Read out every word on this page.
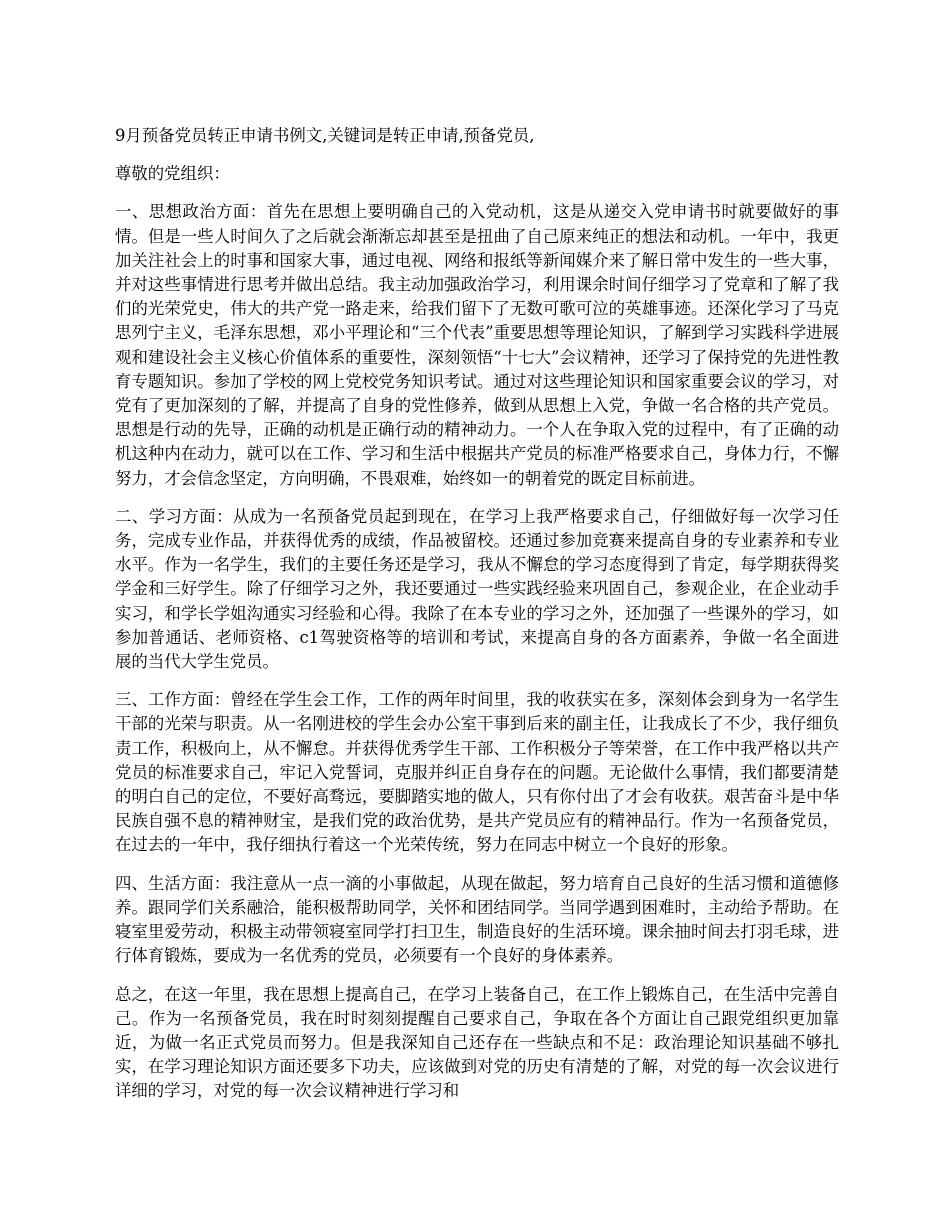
9月预备党员转正申请书例文,关键词是转正申请,预备党员,

尊敬的党组织：

一、思想政治方面：首先在思想上要明确自己的入党动机，这是从递交入党申请书时就要做好的事情。但是一些人时间久了之后就会渐渐忘却甚至是扭曲了自己原来纯正的想法和动机。一年中，我更加关注社会上的时事和国家大事，通过电视、网络和报纸等新闻媒介来了解日常中发生的一些大事，并对这些事情进行思考并做出总结。我主动加强政治学习，利用课余时间仔细学习了党章和了解了我们的光荣党史，伟大的共产党一路走来，给我们留下了无数可歌可泣的英雄事迹。还深化学习了马克思列宁主义，毛泽东思想，邓小平理论和“三个代表”重要思想等理论知识，了解到学习实践科学进展观和建设社会主义核心价值体系的重要性，深刻领悟“十七大”会议精神，还学习了保持党的先进性教育专题知识。参加了学校的网上党校党务知识考试。通过对这些理论知识和国家重要会议的学习，对党有了更加深刻的了解，并提高了自身的党性修养，做到从思想上入党，争做一名合格的共产党员。思想是行动的先导，正确的动机是正确行动的精神动力。一个人在争取入党的过程中，有了正确的动机这种内在动力，就可以在工作、学习和生活中根据共产党员的标准严格要求自己，身体力行，不懈努力，才会信念坚定，方向明确，不畏艰难，始终如一的朝着党的既定目标前进。

二、学习方面：从成为一名预备党员起到现在，在学习上我严格要求自己，仔细做好每一次学习任务，完成专业作品，并获得优秀的成绩，作品被留校。还通过参加竞赛来提高自身的专业素养和专业水平。作为一名学生，我们的主要任务还是学习，我从不懈怠的学习态度得到了肯定，每学期获得奖学金和三好学生。除了仔细学习之外，我还要通过一些实践经验来巩固自己，参观企业，在企业动手实习，和学长学姐沟通实习经验和心得。我除了在本专业的学习之外，还加强了一些课外的学习，如参加普通话、老师资格、c1驾驶资格等的培训和考试，来提高自身的各方面素养，争做一名全面进展的当代大学生党员。

三、工作方面：曾经在学生会工作，工作的两年时间里，我的收获实在多，深刻体会到身为一名学生干部的光荣与职责。从一名刚进校的学生会办公室干事到后来的副主任，让我成长了不少，我仔细负责工作，积极向上，从不懈怠。并获得优秀学生干部、工作积极分子等荣誉，在工作中我严格以共产党员的标准要求自己，牢记入党誓词，克服并纠正自身存在的问题。无论做什么事情，我们都要清楚的明白自己的定位，不要好高骛远，要脚踏实地的做人，只有你付出了才会有收获。艰苦奋斗是中华民族自强不息的精神财宝，是我们党的政治优势，是共产党员应有的精神品行。作为一名预备党员，在过去的一年中，我仔细执行着这一个光荣传统，努力在同志中树立一个良好的形象。

四、生活方面：我注意从一点一滴的小事做起，从现在做起，努力培育自己良好的生活习惯和道德修养。跟同学们关系融洽，能积极帮助同学，关怀和团结同学。当同学遇到困难时，主动给予帮助。在寝室里爱劳动，积极主动带领寝室同学打扫卫生，制造良好的生活环境。课余抽时间去打羽毛球，进行体育锻炼，要成为一名优秀的党员，必须要有一个良好的身体素养。

总之，在这一年里，我在思想上提高自己，在学习上装备自己，在工作上锻炼自己，在生活中完善自己。作为一名预备党员，我在时时刻刻提醒自己要求自己，争取在各个方面让自己跟党组织更加靠近，为做一名正式党员而努力。但是我深知自己还存在一些缺点和不足：政治理论知识基础不够扎实，在学习理论知识方面还要多下功夫，应该做到对党的历史有清楚的了解，对党的每一次会议进行详细的学习，对党的每一次会议精神进行学习和
